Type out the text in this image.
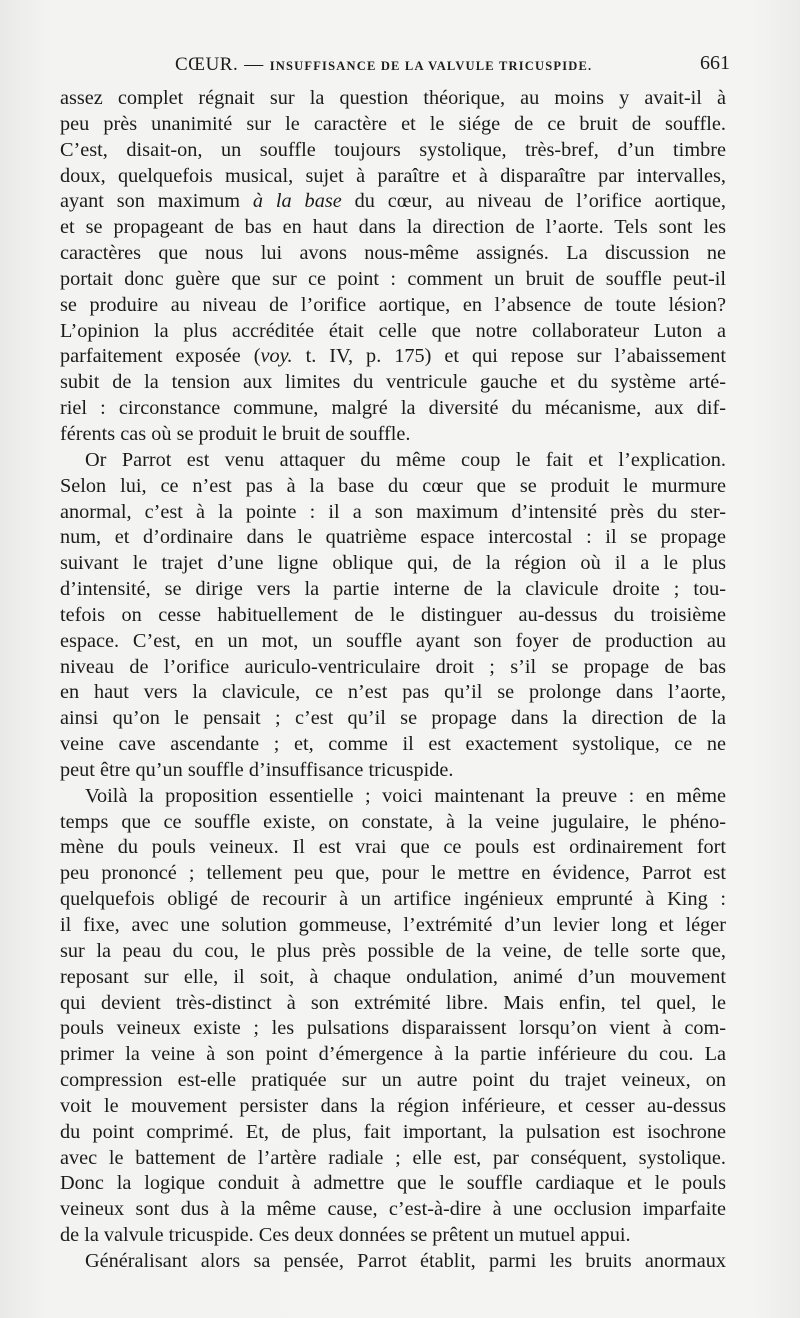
CŒUR. — INSUFFISANCE DE LA VALVULE TRICUSPIDE.	661
assez complet régnait sur la question théorique, au moins y avait-il à
peu près unanimité sur le caractère et le siége de ce bruit de souffle.
C’est, disait-on, un souffle toujours systolique, très-bref, d’un timbre
doux, quelquefois musical, sujet à paraître et à disparaître par intervalles,
ayant son maximum à la base du cœur, au niveau de l’orifice aortique,
et se propageant de bas en haut dans la direction de l’aorte. Tels sont les
caractères que nous lui avons nous-même assignés. La discussion ne
portait donc guère que sur ce point : comment un bruit de souffle peut-il
se produire au niveau de l’orifice aortique, en l’absence de toute lésion?
L’opinion la plus accréditée était celle que notre collaborateur Luton a
parfaitement exposée (voy. t. IV, p. 175) et qui repose sur l’abaissement
subit de la tension aux limites du ventricule gauche et du système arté-
riel : circonstance commune, malgré la diversité du mécanisme, aux dif-
férents cas où se produit le bruit de souffle.
Or Parrot est venu attaquer du même coup le fait et l’explication.
Selon lui, ce n’est pas à la base du cœur que se produit le murmure
anormal, c’est à la pointe : il a son maximum d’intensité près du ster-
num, et d’ordinaire dans le quatrième espace intercostal : il se propage
suivant le trajet d’une ligne oblique qui, de la région où il a le plus
d’intensité, se dirige vers la partie interne de la clavicule droite ; tou-
tefois on cesse habituellement de le distinguer au-dessus du troisième
espace. C’est, en un mot, un souffle ayant son foyer de production au
niveau de l’orifice auriculo-ventriculaire droit ; s’il se propage de bas
en haut vers la clavicule, ce n’est pas qu’il se prolonge dans l’aorte,
ainsi qu’on le pensait ; c’est qu’il se propage dans la direction de la
veine cave ascendante ; et, comme il est exactement systolique, ce ne
peut être qu’un souffle d’insuffisance tricuspide.
Voilà la proposition essentielle ; voici maintenant la preuve : en même
temps que ce souffle existe, on constate, à la veine jugulaire, le phéno-
mène du pouls veineux. Il est vrai que ce pouls est ordinairement fort
peu prononcé ; tellement peu que, pour le mettre en évidence, Parrot est
quelquefois obligé de recourir à un artifice ingénieux emprunté à King :
il fixe, avec une solution gommeuse, l’extrémité d’un levier long et léger
sur la peau du cou, le plus près possible de la veine, de telle sorte que,
reposant sur elle, il soit, à chaque ondulation, animé d’un mouvement
qui devient très-distinct à son extrémité libre. Mais enfin, tel quel, le
pouls veineux existe ; les pulsations disparaissent lorsqu’on vient à com-
primer la veine à son point d’émergence à la partie inférieure du cou. La
compression est-elle pratiquée sur un autre point du trajet veineux, on
voit le mouvement persister dans la région inférieure, et cesser au-dessus
du point comprimé. Et, de plus, fait important, la pulsation est isochrone
avec le battement de l’artère radiale ; elle est, par conséquent, systolique.
Donc la logique conduit à admettre que le souffle cardiaque et le pouls
veineux sont dus à la même cause, c’est-à-dire à une occlusion imparfaite
de la valvule tricuspide. Ces deux données se prêtent un mutuel appui.
Généralisant alors sa pensée, Parrot établit, parmi les bruits anormaux
